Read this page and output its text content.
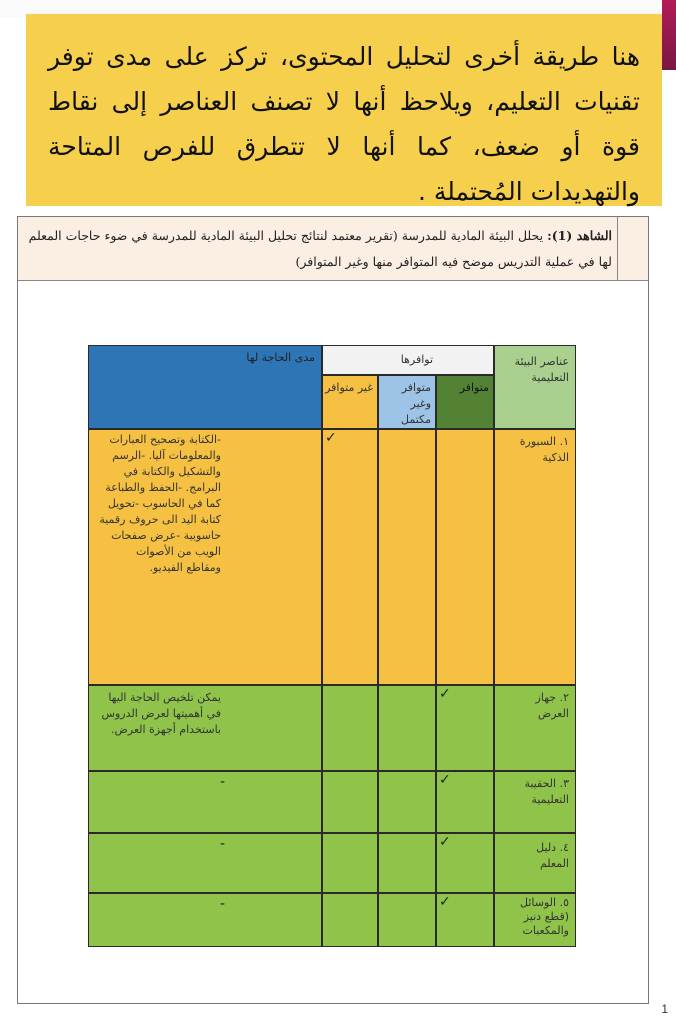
هنا طريقة أخرى لتحليل المحتوى، تركز على مدى توفر تقنيات التعليم، ويلاحظ أنها لا تصنف العناصر إلى نقاط قوة أو ضعف، كما أنها لا تتطرق للفرص المتاحة والتهديدات المُحتملة .
الشاهد (1): يحلل البيئة المادية للمدرسة (تقرير معتمد لنتائج تحليل البيئة المادية للمدرسة في ضوء حاجات المعلم لها في عملية التدريس موضح فيه المتوافر منها وغير المتوافر)
عناصر البيئة التعليمية
توافرها
متوافر
متوافر وغير مكتمل
غير متوافر
مدى الحاجة لها
١. السبورة الذكية
✓
-الكتابة وتصحيح العبارات والمعلومات آليا. -الرسم والتشكيل والكتابة في البرامج. -الحفظ والطباعة كما في الحاسوب -تحويل كتابة اليد الى حروف رقمية حاسوبية -عرض صفحات الويب من الأصوات ومقاطع الفيديو.
٢. جهاز العرض
✓
يمكن تلخيص الحاجة اليها في أهميتها لعرض الدروس باستخدام أجهزة العرض.
٣. الحقيبة التعليمية
✓
-
٤. دليل المعلم
✓
-
٥. الوسائل (قطع دنيز والمكعبات
✓
-
1
